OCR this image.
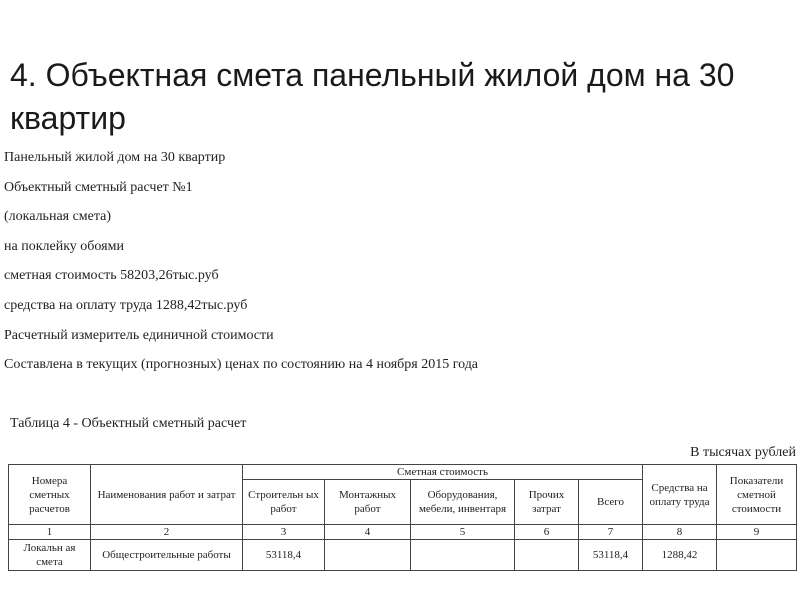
4. Объектная смета панельный жилой дом на 30 квартир
Панельный жилой дом на 30 квартир
Объектный сметный расчет №1
(локальная смета)
на поклейку обоями
сметная стоимость 58203,26тыс.руб
средства на оплату труда 1288,42тыс.руб
Расчетный измеритель единичной стоимости
Составлена в текущих (прогнозных) ценах по состоянию на 4 ноября 2015 года
Таблица 4 - Объектный сметный расчет
В тысячах рублей
Номера сметных расчетов	Наименования работ и затрат	Сметная стоимость					Средства на оплату труда	Показатели сметной стоимости
		Строительн ых работ	Монтажных работ	Оборудования, мебели, инвентаря	Прочих затрат	Всего		
1	2	3	4	5	6	7	8	9
Локальн ая смета	Общестроительные работы	53118,4				53118,4	1288,42	
